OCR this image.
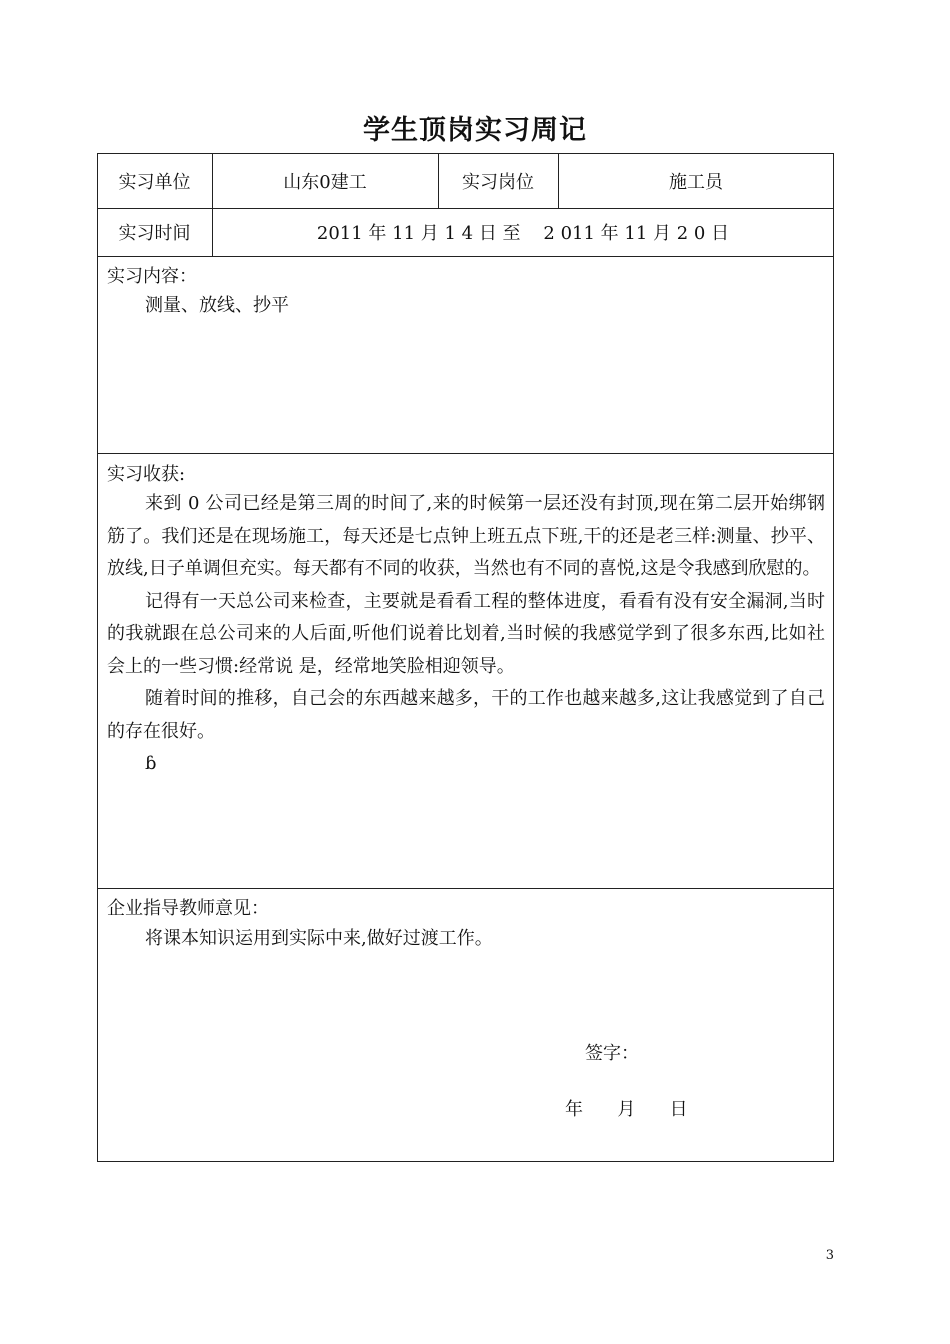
学生顶岗实习周记
实习单位	山东0建工	实习岗位	施工员
实习时间	2011 年 11 月 1 4 日 至    2 011 年 11 月 2 0 日
实习内容：
测量、放线、抄平
实习收获:

来到 0 公司已经是第三周的时间了,来的时候第一层还没有封顶,现在第二层开始绑钢筋了。我们还是在现场施工，每天还是七点钟上班五点下班,干的还是老三样:测量、抄平、放线,日子单调但充实。每天都有不同的收获，当然也有不同的喜悦,这是令我感到欣慰的。

记得有一天总公司来检查，主要就是看看工程的整体进度，看看有没有安全漏洞,当时的我就跟在总公司来的人后面,听他们说着比划着,当时候的我感觉学到了很多东西,比如社会上的一些习惯:经常说 是，经常地笑脸相迎领导。

随着时间的推移，自己会的东西越来越多，干的工作也越来越多,这让我感觉到了自己的存在很好。

ɓ

企业指导教师意见：
将课本知识运用到实际中来,做好过渡工作。
签字：
年      月      日
3
